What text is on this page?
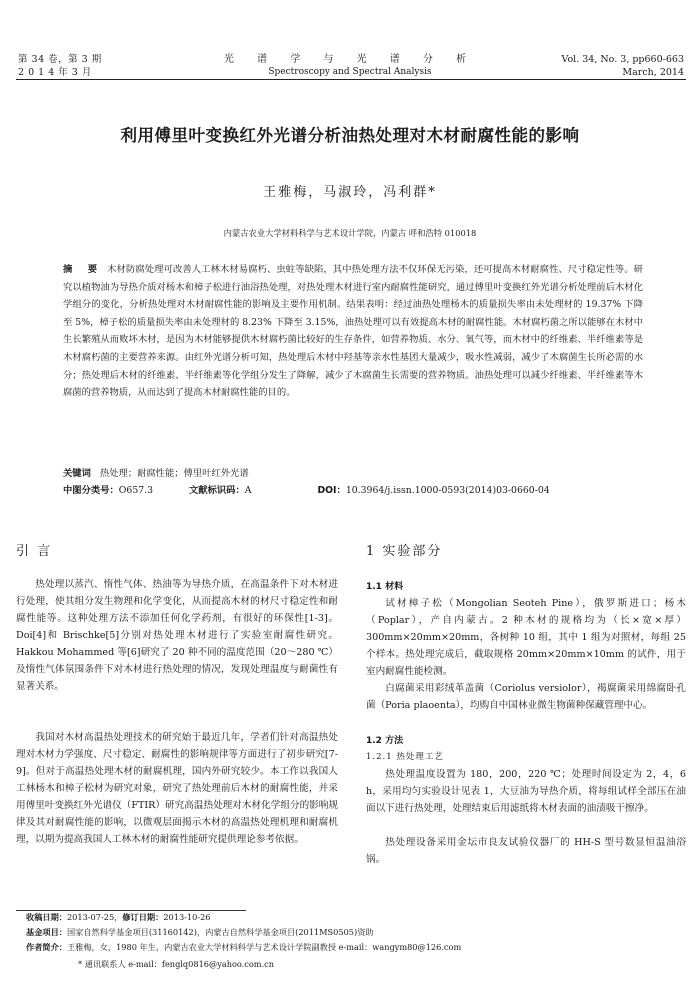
第 34 卷，第 3 期
2 0 1 4 年 3 月
光 谱 学 与 光 谱 分 析
Spectroscopy and Spectral Analysis
Vol. 34, No. 3, pp660-663
March, 2014
利用傅里叶变换红外光谱分析油热处理对木材耐腐性能的影响
王雅梅，马淑玲，冯利群*
内蒙古农业大学材料科学与艺术设计学院，内蒙古 呼和浩特 010018
摘 要 木材防腐处理可改善人工林木材易腐朽、虫蛀等缺陷，其中热处理方法不仅环保无污染，还可提高木材耐腐性、尺寸稳定性等。研究以植物油为导热介质对杨木和樟子松进行油浴热处理，对热处理木材进行室内耐腐性能研究，通过傅里叶变换红外光谱分析处理前后木材化学组分的变化，分析热处理对木材耐腐性能的影响及主要作用机制。结果表明：经过油热处理杨木的质量损失率由未处理材的 19.37% 下降至 5%，樟子松的质量损失率由未处理材的 8.23% 下降至 3.15%，油热处理可以有效提高木材的耐腐性能。木材腐朽菌之所以能够在木材中生长繁殖从而败坏木材，是因为木材能够提供木材腐朽菌比较好的生存条件，如营养物质、水分、氧气等，而木材中的纤维素、半纤维素等是木材腐朽菌的主要营养来源。由红外光谱分析可知，热处理后木材中羟基等亲水性基团大量减少，吸水性减弱，减少了木腐菌生长所必需的水分；热处理后木材的纤维素、半纤维素等化学组分发生了降解，减少了木腐菌生长需要的营养物质。油热处理可以减少纤维素、半纤维素等木腐菌的营养物质，从而达到了提高木材耐腐性能的目的。
关键词 热处理；耐腐性能；傅里叶红外光谱
中图分类号：O657.3	文献标识码：A	DOI：10.3964/j.issn.1000-0593(2014)03-0660-04
引 言

热处理以蒸汽、惰性气体、热油等为导热介质，在高温条件下对木材进行处理，使其组分发生物理和化学变化，从而提高木材的材尺寸稳定性和耐腐性能等。这种处理方法不添加任何化学药剂，有很好的环保性[1-3]。Doi[4]和 Brischke[5]分别对热处理木材进行了实验室耐腐性研究。Hakkou Mohammed 等[6]研究了 20 种不同的温度范围（20～280 ℃）及惰性气体氛围条件下对木材进行热处理的情况，发现处理温度与耐菌性有显著关系。

我国对木材高温热处理技术的研究始于最近几年，学者们针对高温热处理对木材力学强度、尺寸稳定、耐腐性的影响规律等方面进行了初步研究[7-9]。但对于高温热处理木材的耐腐机理，国内外研究较少。本工作以我国人工林杨木和樟子松材为研究对象，研究了热处理前后木材的耐腐性能，并采用傅里叶变换红外光谱仪（FTIR）研究高温热处理对木材化学组分的影响规律及其对耐腐性能的影响，以微观层面揭示木材的高温热处理机理和耐腐机理，以期为提高我国人工林木材的耐腐性能研究提供理论参考依据。

1 实验部分
1.1 材料

试材樟子松（Mongolian Seoteh Pine），俄罗斯进口；杨木（Poplar），产自内蒙古。2 种木材的规格均为（长×宽×厚）300mm×20mm×20mm，各树种 10 组，其中 1 组为对照材，每组 25 个样本。热处理完成后，截取规格 20mm×20mm×10mm 的试件，用于室内耐腐性能检测。

白腐菌采用彩绒革盖菌（Coriolus versiolor），褐腐菌采用绵腐卧孔菌（Poria plaoenta），均购自中国林业微生物菌种保藏管理中心。

1.2 方法
1.2.1 热处理工艺

热处理温度设置为 180，200，220 ℃；处理时间设定为 2，4，6 h，采用均匀实验设计见表 1，大豆油为导热介质，将每组试样全部压在油面以下进行热处理，处理结束后用滤纸将木材表面的油渍吸干擦净。

热处理设备采用金坛市良友试验仪器厂的 HH-S 型号数显恒温油浴锅。

收稿日期：2013-07-25，修订日期：2013-10-26
基金项目：国家自然科学基金项目(31160142)，内蒙古自然科学基金项目(2011MS0505)资助
作者简介：王雅梅，女，1980 年生，内蒙古农业大学材料科学与艺术设计学院副教授 e-mail：wangym80@126.com
* 通讯联系人 e-mail：fenglq0816@yahoo.com.cn
